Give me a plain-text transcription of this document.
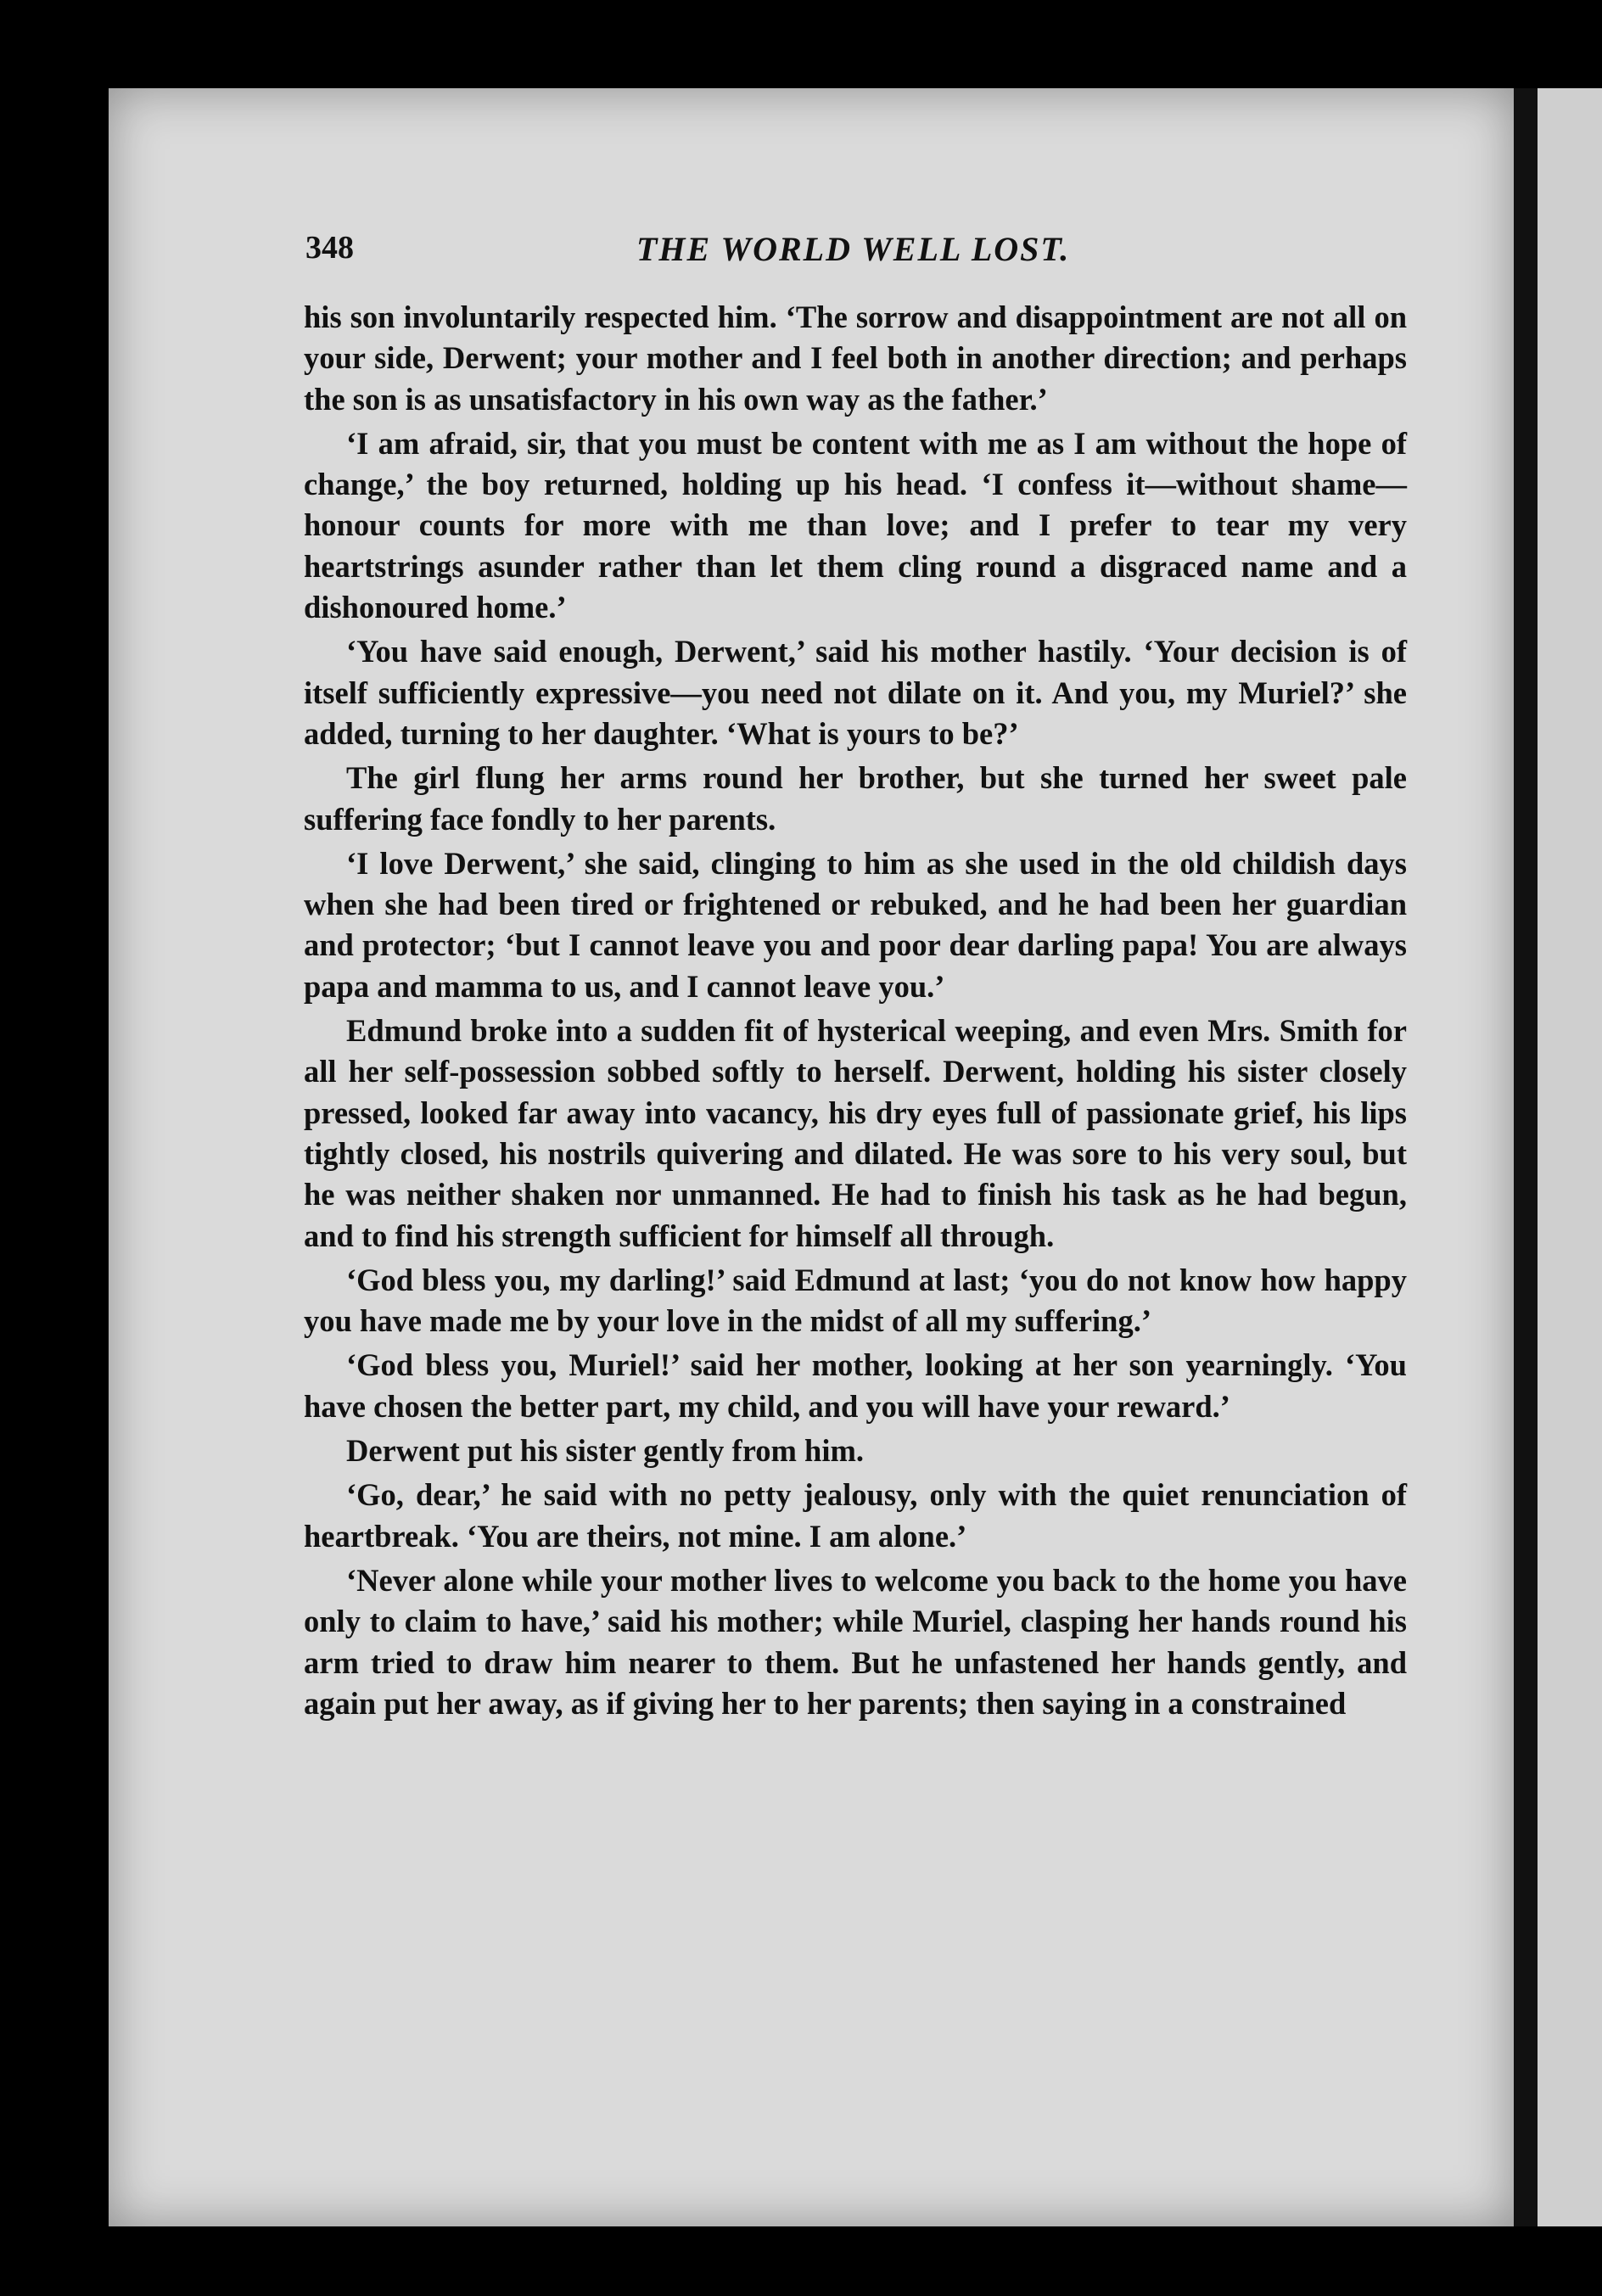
348	THE WORLD WELL LOST.

his son involuntarily respected him. ‘The sorrow and disappointment are not all on your side, Derwent; your mother and I feel both in another direction; and perhaps the son is as unsatisfactory in his own way as the father.’

‘I am afraid, sir, that you must be content with me as I am without the hope of change,’ the boy returned, holding up his head. ‘I confess it—without shame—honour counts for more with me than love; and I prefer to tear my very heartstrings asunder rather than let them cling round a disgraced name and a dishonoured home.’

‘You have said enough, Derwent,’ said his mother hastily. ‘Your decision is of itself sufficiently expressive—you need not dilate on it. And you, my Muriel?’ she added, turning to her daughter. ‘What is yours to be?’

The girl flung her arms round her brother, but she turned her sweet pale suffering face fondly to her parents.

‘I love Derwent,’ she said, clinging to him as she used in the old childish days when she had been tired or frightened or rebuked, and he had been her guardian and protector; ‘but I cannot leave you and poor dear darling papa! You are always papa and mamma to us, and I cannot leave you.’

Edmund broke into a sudden fit of hysterical weeping, and even Mrs. Smith for all her self-possession sobbed softly to herself. Derwent, holding his sister closely pressed, looked far away into vacancy, his dry eyes full of passionate grief, his lips tightly closed, his nostrils quivering and dilated. He was sore to his very soul, but he was neither shaken nor unmanned. He had to finish his task as he had begun, and to find his strength sufficient for himself all through.

‘God bless you, my darling!’ said Edmund at last; ‘you do not know how happy you have made me by your love in the midst of all my suffering.’

‘God bless you, Muriel!’ said her mother, looking at her son yearningly. ‘You have chosen the better part, my child, and you will have your reward.’

Derwent put his sister gently from him.

‘Go, dear,’ he said with no petty jealousy, only with the quiet renunciation of heartbreak. ‘You are theirs, not mine. I am alone.’

‘Never alone while your mother lives to welcome you back to the home you have only to claim to have,’ said his mother; while Muriel, clasping her hands round his arm tried to draw him nearer to them. But he unfastened her hands gently, and again put her away, as if giving her to her parents; then saying in a constrained
